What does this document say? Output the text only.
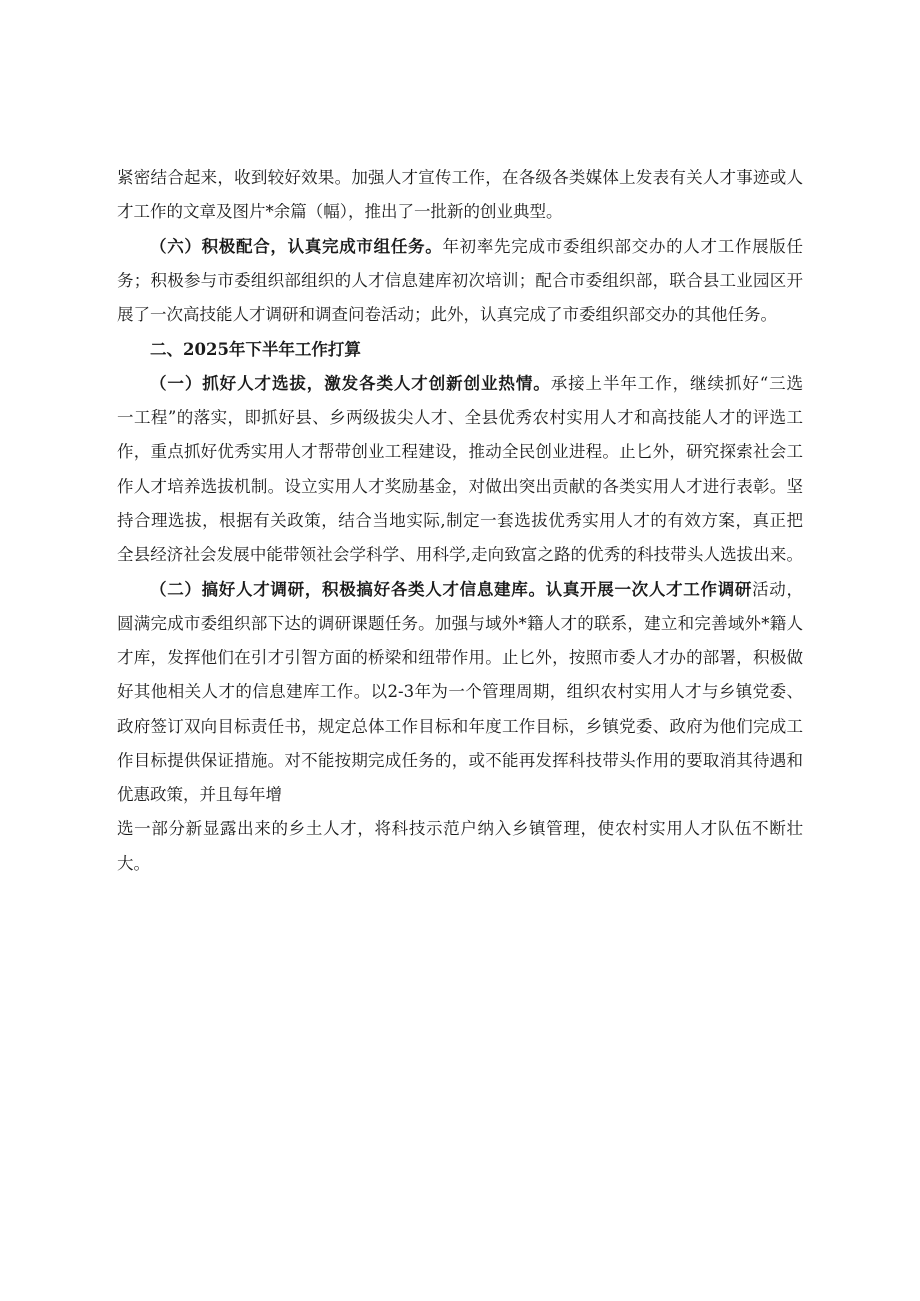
紧密结合起来，收到较好效果。加强人才宣传工作，在各级各类媒体上发表有关人才事迹或人
才工作的文章及图片*余篇（幅），推出了一批新的创业典型。
（六）积极配合，认真完成市组任务。年初率先完成市委组织部交办的人才工作展版任
务；积极参与市委组织部组织的人才信息建库初次培训；配合市委组织部，联合县工业园区开
展了一次高技能人才调研和调查问卷活动；此外，认真完成了市委组织部交办的其他任务。
二、2025年下半年工作打算
（一）抓好人才选拔，激发各类人才创新创业热情。承接上半年工作，继续抓好“三选
一工程”的落实，即抓好县、乡两级拔尖人才、全县优秀农村实用人才和高技能人才的评选工
作，重点抓好优秀实用人才帮带创业工程建设，推动全民创业进程。止匕外，研究探索社会工
作人才培养选拔机制。设立实用人才奖励基金，对做出突出贡献的各类实用人才进行表彰。坚
持合理选拔，根据有关政策，结合当地实际,制定一套选拔优秀实用人才的有效方案，真正把
全县经济社会发展中能带领社会学科学、用科学,走向致富之路的优秀的科技带头人选拔出来。
（二）搞好人才调研，积极搞好各类人才信息建库。认真开展一次人才工作调研活动，
圆满完成市委组织部下达的调研课题任务。加强与域外*籍人才的联系，建立和完善域外*籍人
才库，发挥他们在引才引智方面的桥梁和纽带作用。止匕外，按照市委人才办的部署，积极做
好其他相关人才的信息建库工作。以2-3年为一个管理周期，组织农村实用人才与乡镇党委、
政府签订双向目标责任书，规定总体工作目标和年度工作目标，乡镇党委、政府为他们完成工
作目标提供保证措施。对不能按期完成任务的，或不能再发挥科技带头作用的要取消其待遇和
优惠政策，并且每年增
选一部分新显露出来的乡土人才，将科技示范户纳入乡镇管理，使农村实用人才队伍不断壮
大。
